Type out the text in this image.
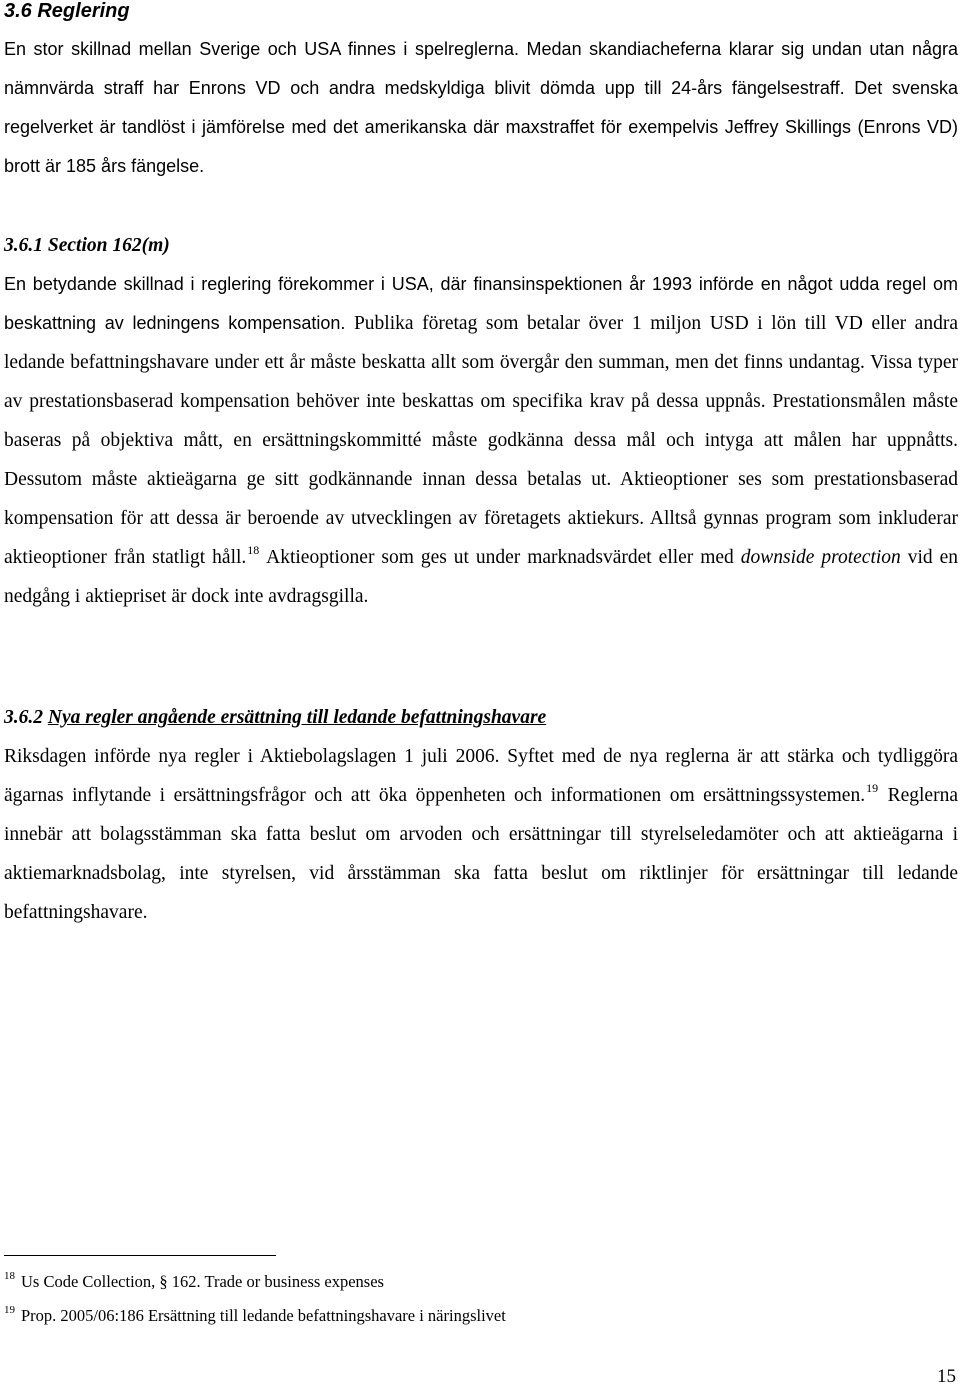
3.6 Reglering

En stor skillnad mellan Sverige och USA finnes i spelreglerna. Medan skandiacheferna klarar sig undan utan några nämnvärda straff har Enrons VD och andra medskyldiga blivit dömda upp till 24-års fängelsestraff. Det svenska regelverket är tandlöst i jämförelse med det amerikanska där maxstraffet för exempelvis Jeffrey Skillings (Enrons VD) brott är 185 års fängelse.

3.6.1 Section 162(m)

En betydande skillnad i reglering förekommer i USA, där finansinspektionen år 1993 införde en något udda regel om beskattning av ledningens kompensation. Publika företag som betalar över 1 miljon USD i lön till VD eller andra ledande befattningshavare under ett år måste beskatta allt som övergår den summan, men det finns undantag. Vissa typer av prestationsbaserad kompensation behöver inte beskattas om specifika krav på dessa uppnås. Prestationsmålen måste baseras på objektiva mått, en ersättningskommitté måste godkänna dessa mål och intyga att målen har uppnåtts. Dessutom måste aktieägarna ge sitt godkännande innan dessa betalas ut. Aktieoptioner ses som prestationsbaserad kompensation för att dessa är beroende av utvecklingen av företagets aktiekurs. Alltså gynnas program som inkluderar aktieoptioner från statligt håll.$^{18}$ Aktieoptioner som ges ut under marknadsvärdet eller med downside protection vid en nedgång i aktiepriset är dock inte avdragsgilla.

3.6.2 Nya regler angående ersättning till ledande befattningshavare

Riksdagen införde nya regler i Aktiebolagslagen 1 juli 2006. Syftet med de nya reglerna är att stärka och tydliggöra ägarnas inflytande i ersättningsfrågor och att öka öppenheten och informationen om ersättningssystemen.$^{19}$ Reglerna innebär att bolagsstämman ska fatta beslut om arvoden och ersättningar till styrelseledamöter och att aktieägarna i aktiemarknadsbolag, inte styrelsen, vid årsstämman ska fatta beslut om riktlinjer för ersättningar till ledande befattningshavare.

$^{18}$ Us Code Collection, § 162. Trade or business expenses
$^{19}$ Prop. 2005/06:186 Ersättning till ledande befattningshavare i näringslivet
15
